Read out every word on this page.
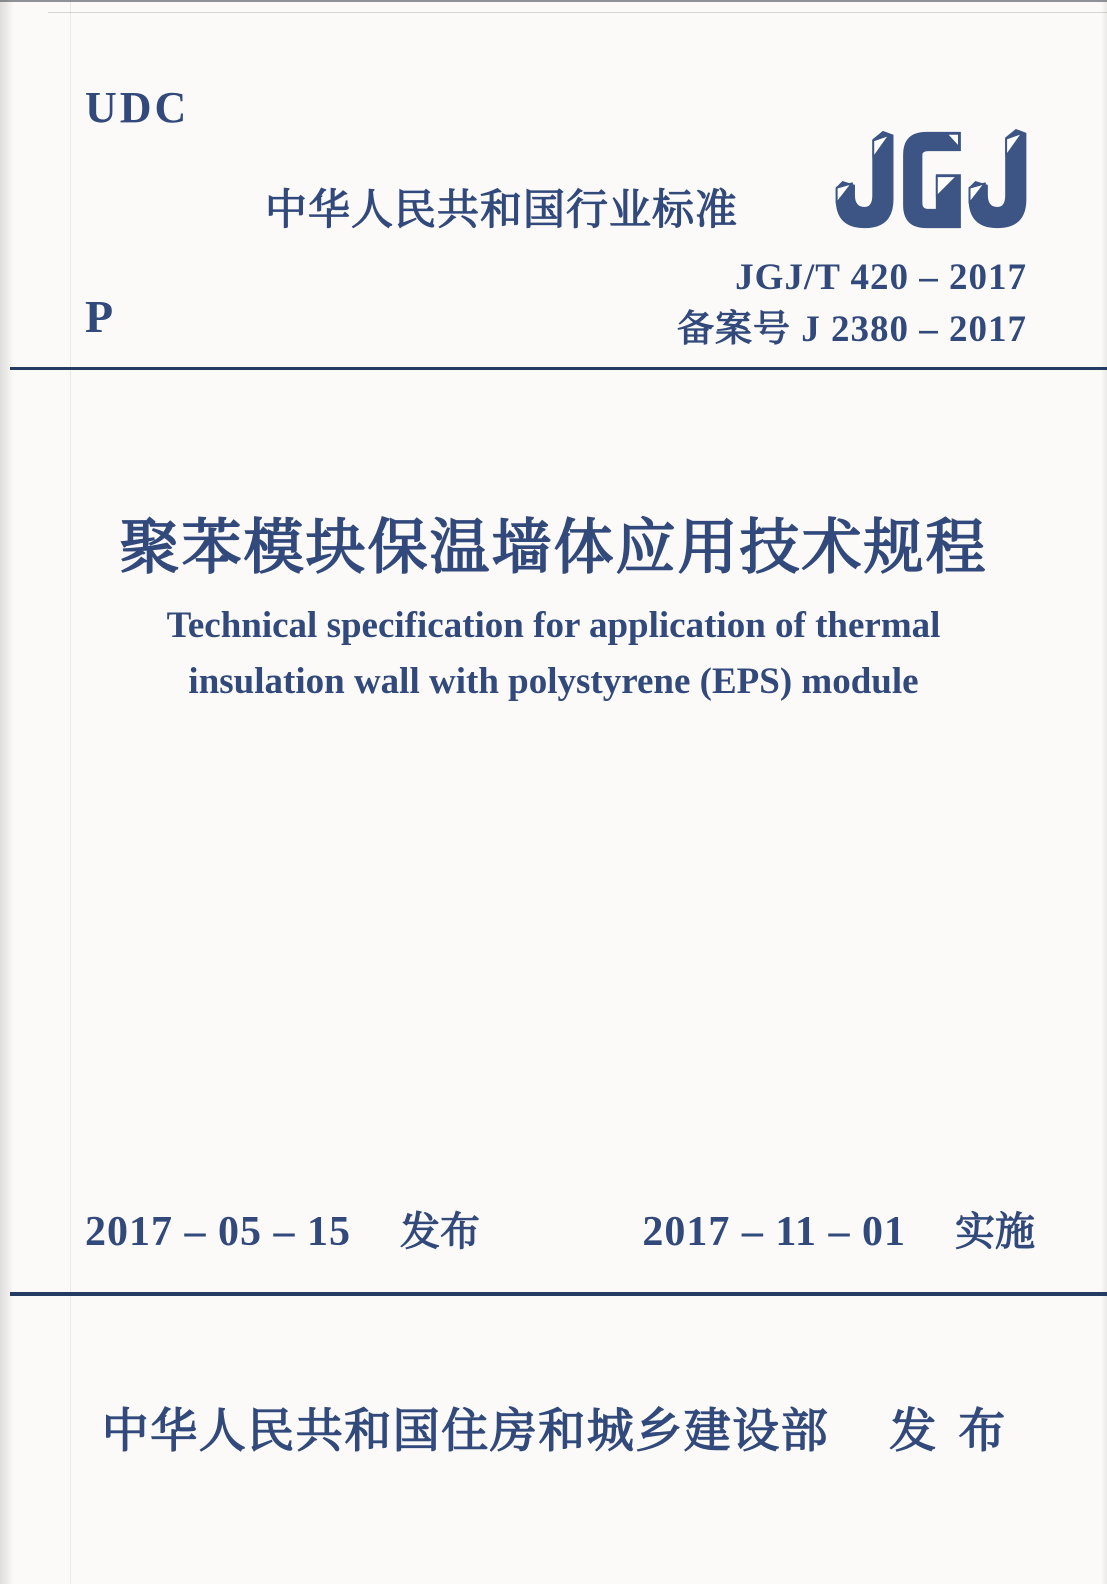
UDC
中华人民共和国行业标准
JGJ/T 420 – 2017
备案号 J 2380 – 2017
P
聚苯模块保温墙体应用技术规程
Technical specification for application of thermal
insulation wall with polystyrene (EPS) module
2017 – 05 – 15 发布	2017 – 11 – 01 实施
中华人民共和国住房和城乡建设部 发布
